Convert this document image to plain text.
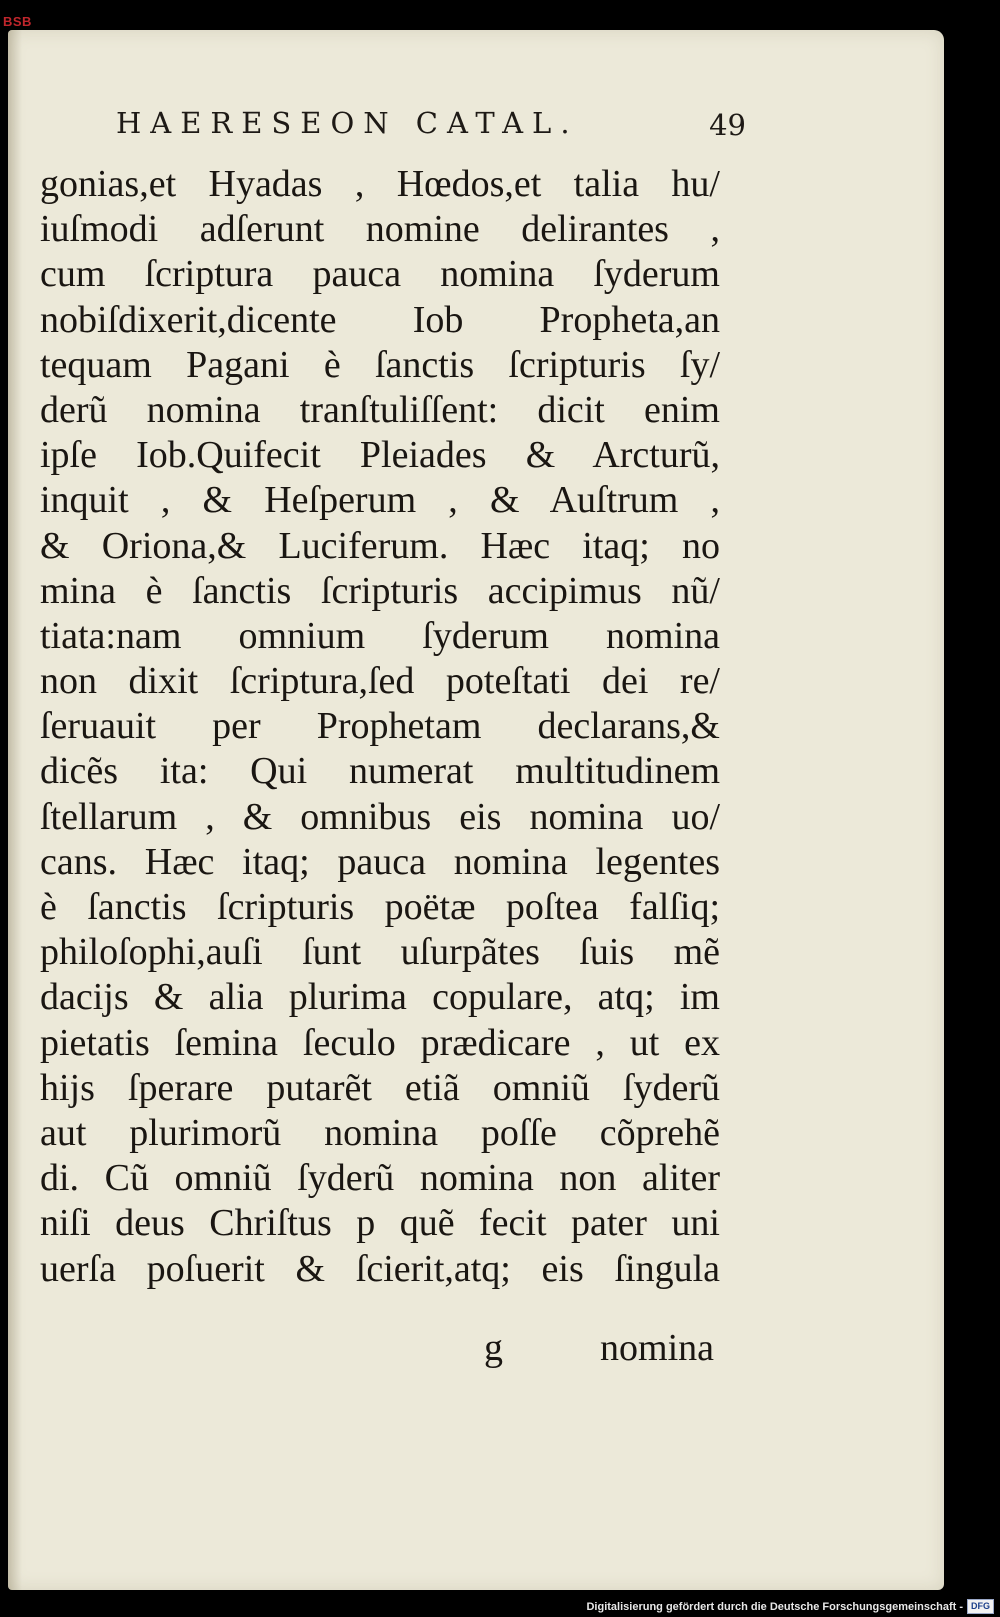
BSB
HAERESEON CATAL.	49
gonias,et Hyadas , Hœdos,et talia hu/
iuſmodi adſerunt nomine delirantes ,
cum ſcriptura pauca nomina ſyderum
nobiſdixerit,dicente Iob Propheta,an
tequam Pagani è ſanctis ſcripturis ſy/
derũ nomina tranſtuliſſent: dicit enim
ipſe Iob.Quifecit Pleiades & Arcturũ,
inquit , & Heſperum , & Auſtrum ,
& Oriona,& Luciferum. Hæc itaq; no
mina è ſanctis ſcripturis accipimus nũ/
tiata:nam omnium ſyderum nomina
non dixit ſcriptura,ſed poteſtati dei re/
ſeruauit per Prophetam declarans,&
dicẽs ita: Qui numerat multitudinem
ſtellarum , & omnibus eis nomina uo/
cans. Hæc itaq; pauca nomina legentes
è ſanctis ſcripturis poëtæ poſtea falſiq;
philoſophi,auſi ſunt uſurpãtes ſuis mẽ
dacijs & alia plurima copulare, atq; im
pietatis ſemina ſeculo prædicare , ut ex
hijs ſperare putarẽt etiã omniũ ſyderũ
aut plurimorũ nomina poſſe cõprehẽ
di. Cũ omniũ ſyderũ nomina non aliter
niſi deus Chriſtus p quẽ fecit pater uni
uerſa poſuerit & ſcierit,atq; eis ſingula
g	nomina
Digitalisierung gefördert durch die Deutsche Forschungsgemeinschaft - DFG
